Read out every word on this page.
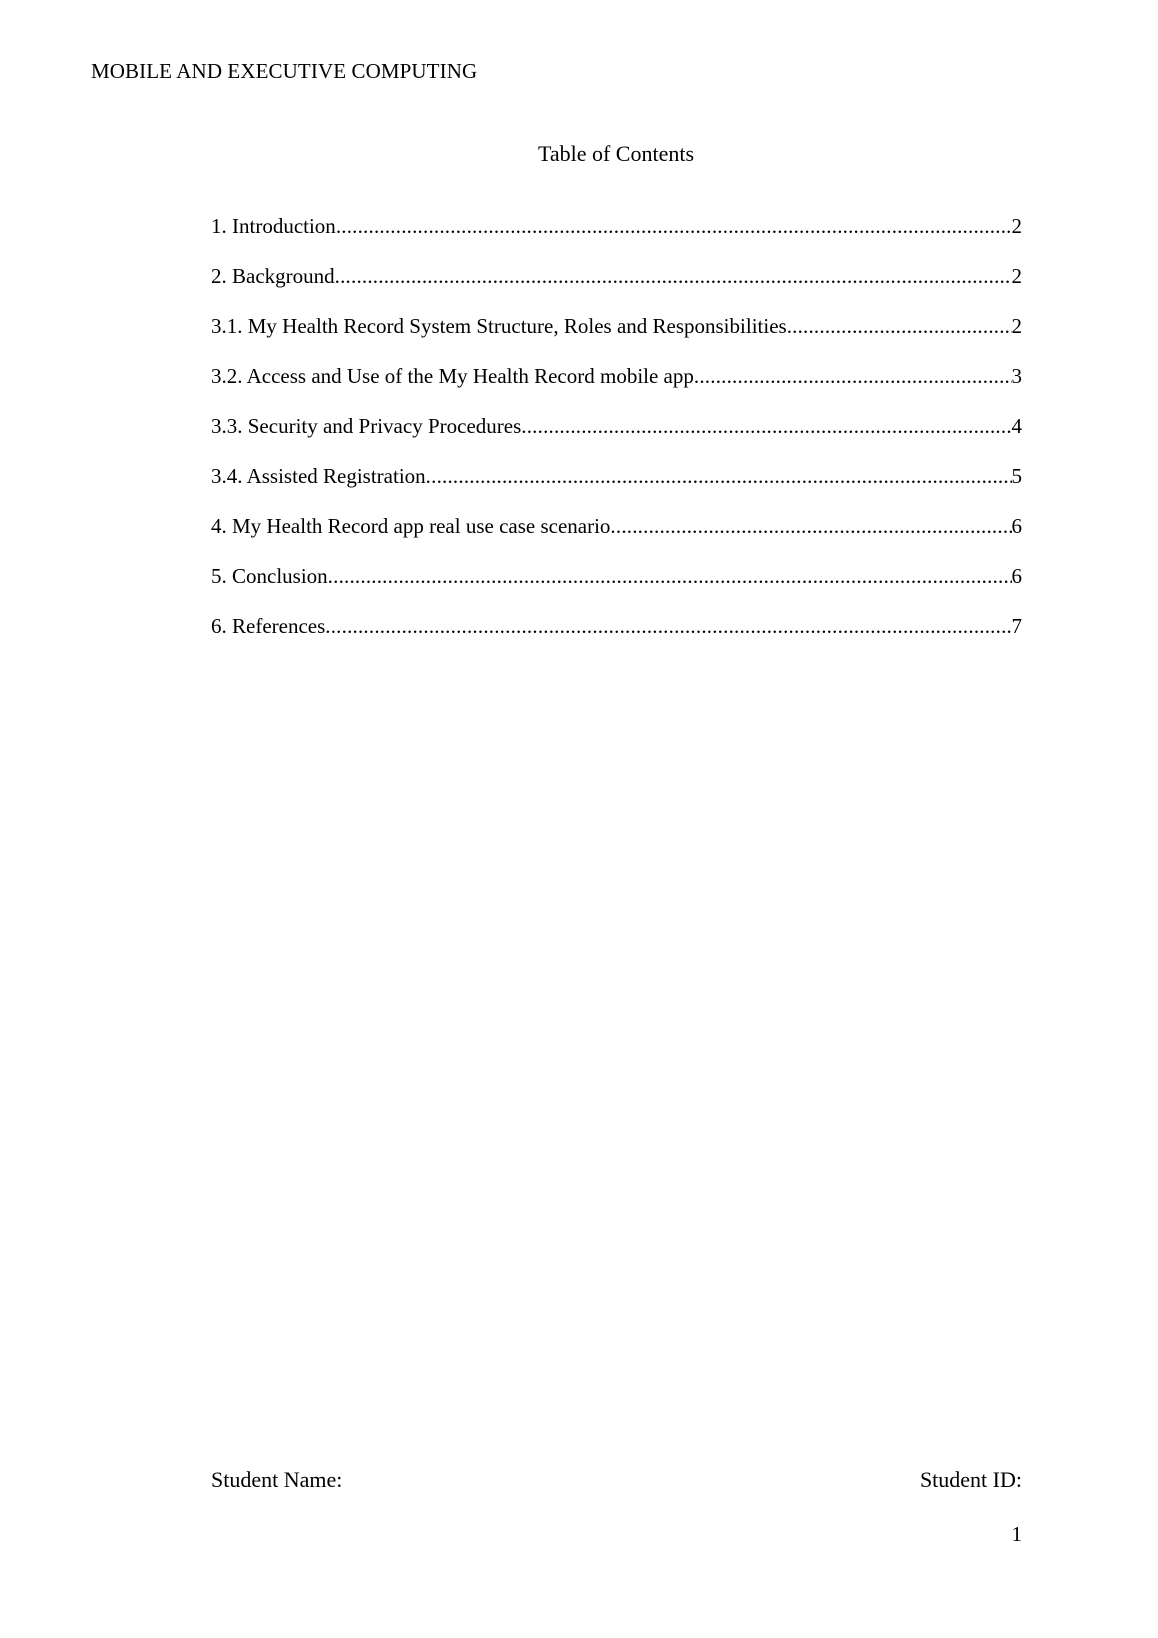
MOBILE AND EXECUTIVE COMPUTING
Table of Contents
1. Introduction .....	2
2. Background .....	2
3.1. My Health Record System Structure, Roles and Responsibilities .....	2
3.2. Access and Use of the My Health Record mobile app .....	3
3.3. Security and Privacy Procedures .....	4
3.4. Assisted Registration .....	5
4. My Health Record app real use case scenario .....	6
5. Conclusion .....	6
6. References .....	7
Student Name:	Student ID:
1
